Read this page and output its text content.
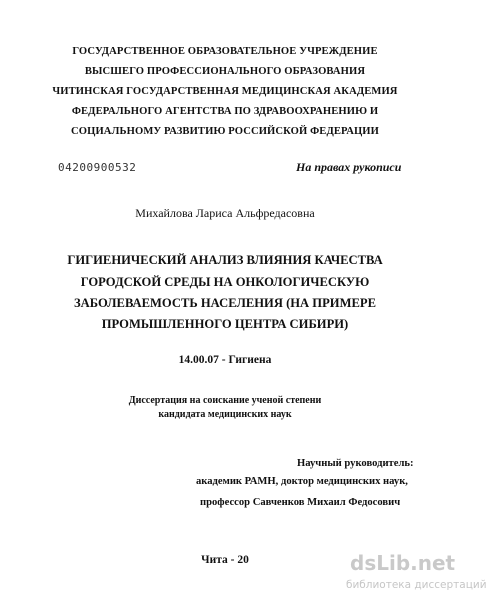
ГОСУДАРСТВЕННОЕ ОБРАЗОВАТЕЛЬНОЕ УЧРЕЖДЕНИЕ
ВЫСШЕГО ПРОФЕССИОНАЛЬНОГО ОБРАЗОВАНИЯ
ЧИТИНСКАЯ ГОСУДАРСТВЕННАЯ МЕДИЦИНСКАЯ АКАДЕМИЯ
ФЕДЕРАЛЬНОГО АГЕНТСТВА ПО ЗДРАВООХРАНЕНИЮ И
СОЦИАЛЬНОМУ РАЗВИТИЮ РОССИЙСКОЙ ФЕДЕРАЦИИ
04200900532	На правах рукописи
Михайлова Лариса Альфредасовна
ГИГИЕНИЧЕСКИЙ АНАЛИЗ ВЛИЯНИЯ КАЧЕСТВА
ГОРОДСКОЙ СРЕДЫ НА ОНКОЛОГИЧЕСКУЮ
ЗАБОЛЕВАЕМОСТЬ НАСЕЛЕНИЯ (НА ПРИМЕРЕ
ПРОМЫШЛЕННОГО ЦЕНТРА СИБИРИ)
14.00.07 - Гигиена
Диссертация на соискание ученой степени
кандидата медицинских наук
Научный руководитель:
академик РАМН, доктор медицинских наук,
профессор Савченков Михаил Федосович
Чита - 20	dsLib.net
библиотека диссертаций
